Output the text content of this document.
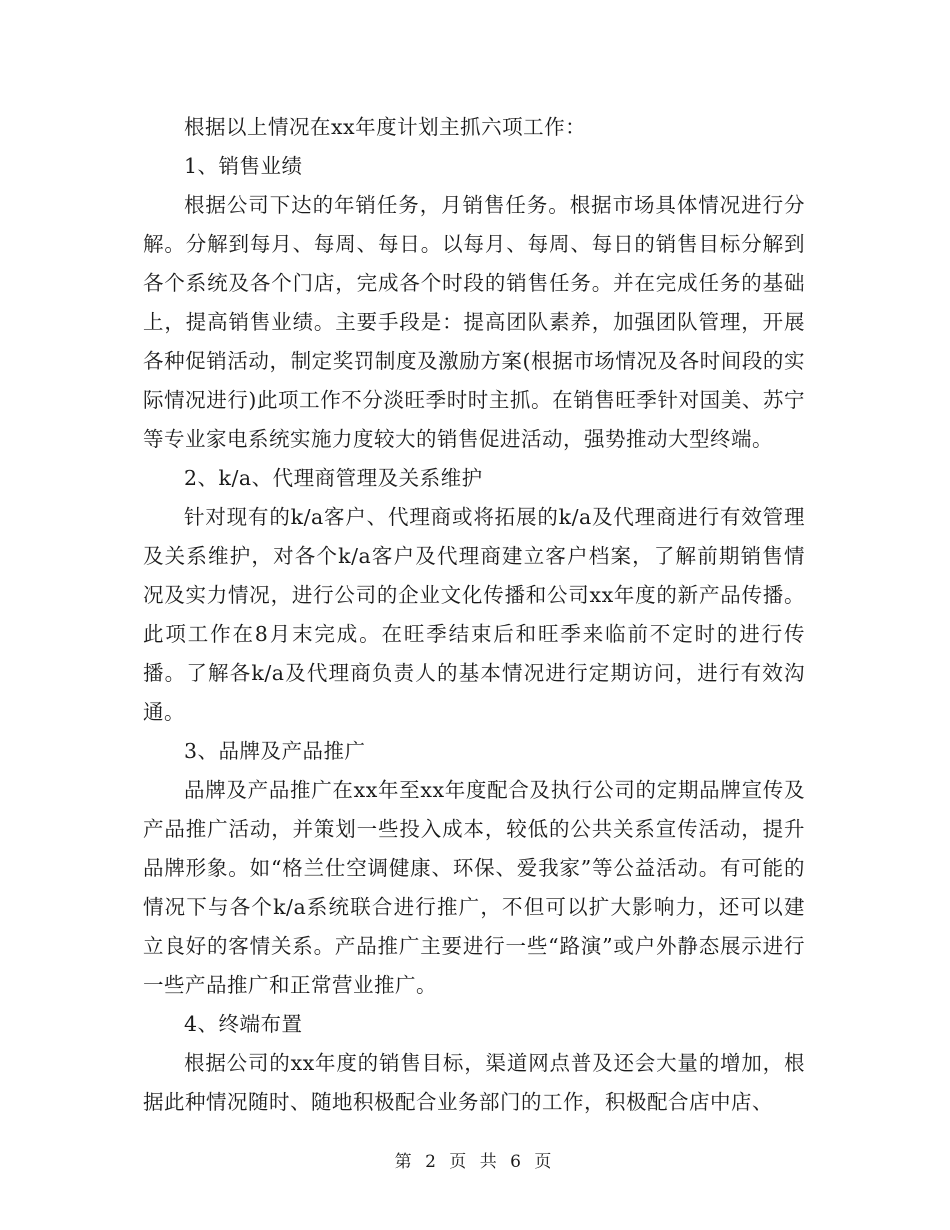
根据以上情况在xx年度计划主抓六项工作：

1、销售业绩

根据公司下达的年销任务，月销售任务。根据市场具体情况进行分解。分解到每月、每周、每日。以每月、每周、每日的销售目标分解到各个系统及各个门店，完成各个时段的销售任务。并在完成任务的基础上，提高销售业绩。主要手段是：提高团队素养，加强团队管理，开展各种促销活动，制定奖罚制度及激励方案(根据市场情况及各时间段的实际情况进行)此项工作不分淡旺季时时主抓。在销售旺季针对国美、苏宁等专业家电系统实施力度较大的销售促进活动，强势推动大型终端。

2、k/a、代理商管理及关系维护

针对现有的k/a客户、代理商或将拓展的k/a及代理商进行有效管理及关系维护，对各个k/a客户及代理商建立客户档案，了解前期销售情况及实力情况，进行公司的企业文化传播和公司xx年度的新产品传播。此项工作在8月末完成。在旺季结束后和旺季来临前不定时的进行传播。了解各k/a及代理商负责人的基本情况进行定期访问，进行有效沟通。

3、品牌及产品推广

品牌及产品推广在xx年至xx年度配合及执行公司的定期品牌宣传及产品推广活动，并策划一些投入成本，较低的公共关系宣传活动，提升品牌形象。如“格兰仕空调健康、环保、爱我家”等公益活动。有可能的情况下与各个k/a系统联合进行推广，不但可以扩大影响力，还可以建立良好的客情关系。产品推广主要进行一些“路演”或户外静态展示进行一些产品推广和正常营业推广。

4、终端布置

根据公司的xx年度的销售目标，渠道网点普及还会大量的增加，根据此种情况随时、随地积极配合业务部门的工作，积极配合店中店、

第 2 页 共 6 页
